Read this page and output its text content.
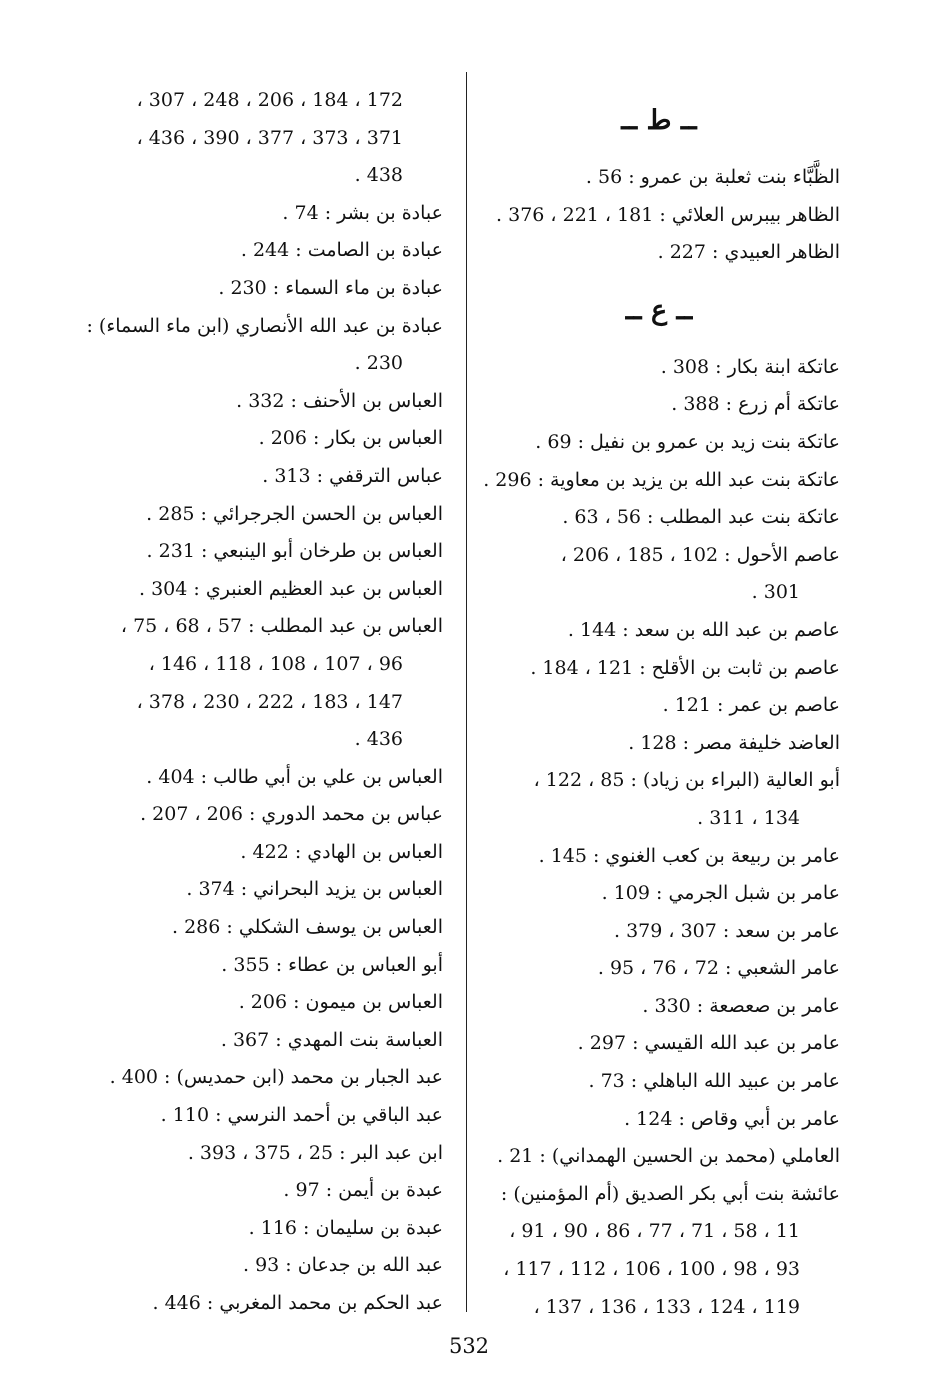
ــ ط ــ
الظَّبَّاء بنت ثعلبة بن عمرو : 56 .
الظاهر بيبرس العلائي : 181 ، 221 ، 376 .
الظاهر العبيدي : 227 .
ــ ع ــ
عاتكة ابنة بكار : 308 .
عاتكة أم زرع : 388 .
عاتكة بنت زيد بن عمرو بن نفيل : 69 .
عاتكة بنت عبد الله بن يزيد بن معاوية : 296 .
عاتكة بنت عبد المطلب : 56 ، 63 .
عاصم الأحول : 102 ، 185 ، 206 ،
301 .
عاصم بن عبد الله بن سعد : 144 .
عاصم بن ثابت بن الأقلح : 121 ، 184 .
عاصم بن عمر : 121 .
العاضد خليفة مصر : 128 .
أبو العالية (البراء بن زياد) : 85 ، 122 ،
134 ، 311 .
عامر بن ربيعة بن كعب الغنوي : 145 .
عامر بن شبل الجرمي : 109 .
عامر بن سعد : 307 ، 379 .
عامر الشعبي : 72 ، 76 ، 95 .
عامر بن صعصعة : 330 .
عامر بن عبد الله القيسي : 297 .
عامر بن عبيد الله الباهلي : 73 .
عامر بن أبي وقاص : 124 .
العاملي (محمد بن الحسين الهمداني) : 21 .
عائشة بنت أبي بكر الصديق (أم المؤمنين) :
11 ، 58 ، 71 ، 77 ، 86 ، 90 ، 91 ،
93 ، 98 ، 100 ، 106 ، 112 ، 117 ،
119 ، 124 ، 133 ، 136 ، 137 ،
172 ، 184 ، 206 ، 248 ، 307 ،
371 ، 373 ، 377 ، 390 ، 436 ،
438 .
عبادة بن بشر : 74 .
عبادة بن الصامت : 244 .
عبادة بن ماء السماء : 230 .
عبادة بن عبد الله الأنصاري (ابن ماء السماء) :
230 .
العباس بن الأحنف : 332 .
العباس بن بكار : 206 .
عباس الترقفي : 313 .
العباس بن الحسن الجرجرائي : 285 .
العباس بن طرخان أبو الينبعي : 231 .
العباس بن عبد العظيم العنبري : 304 .
العباس بن عبد المطلب : 57 ، 68 ، 75 ،
96 ، 107 ، 108 ، 118 ، 146 ،
147 ، 183 ، 222 ، 230 ، 378 ،
436 .
العباس بن علي بن أبي طالب : 404 .
عباس بن محمد الدوري : 206 ، 207 .
العباس بن الهادي : 422 .
العباس بن يزيد البحراني : 374 .
العباس بن يوسف الشكلي : 286 .
أبو العباس بن عطاء : 355 .
العباس بن ميمون : 206 .
العباسة بنت المهدي : 367 .
عبد الجبار بن محمد (ابن حمديس) : 400 .
عبد الباقي بن أحمد النرسي : 110 .
ابن عبد البر : 25 ، 375 ، 393 .
عبدة بن أيمن : 97 .
عبدة بن سليمان : 116 .
عبد الله بن جدعان : 93 .
عبد الحكم بن محمد المغربي : 446 .
532
